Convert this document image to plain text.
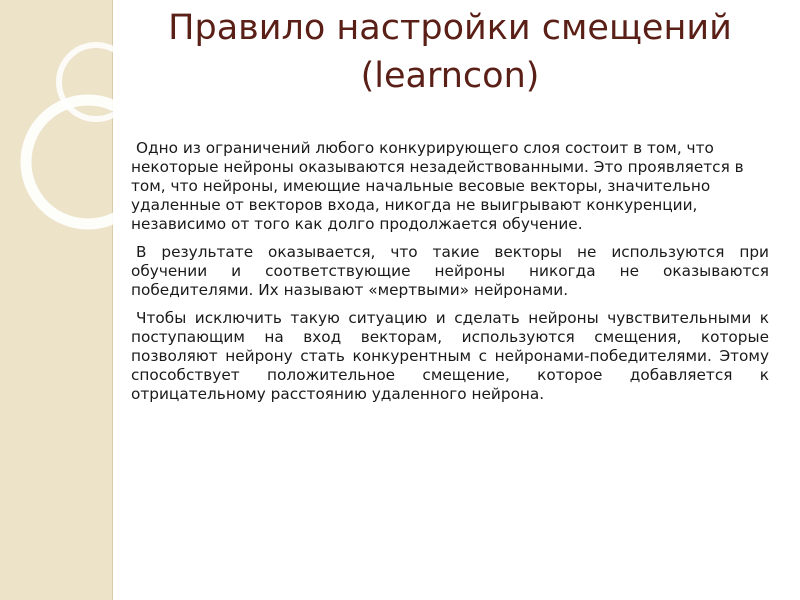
Правило настройки смещений
(learncon)

Одно из ограничений любого конкурирующего слоя состоит в том, что некоторые нейроны оказываются незадействованными. Это проявляется в том, что нейроны, имеющие начальные весовые векторы, значительно удаленные от векторов входа, никогда не выигрывают конкуренции, независимо от того как долго продолжается обучение.

В результате оказывается, что такие векторы не используются при обучении и соответствующие нейроны никогда не оказываются победителями. Их называют «мертвыми» нейронами.

Чтобы исключить такую ситуацию и сделать нейроны чувствительными к поступающим на вход векторам, используются смещения, которые позволяют нейрону стать конкурентным с нейронами-победителями. Этому способствует положительное смещение, которое добавляется к отрицательному расстоянию удаленного нейрона.
